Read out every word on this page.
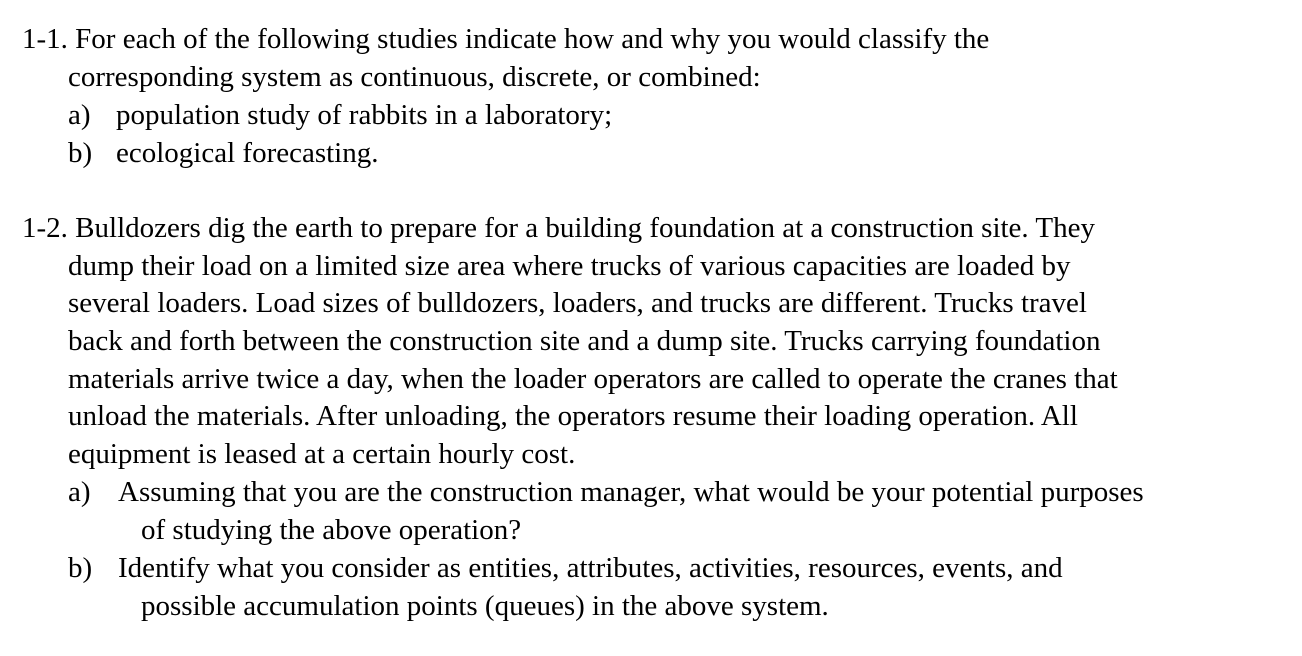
1-1. For each of the following studies indicate how and why you would classify the
corresponding system as continuous, discrete, or combined:
a) population study of rabbits in a laboratory;
b) ecological forecasting.
1-2. Bulldozers dig the earth to prepare for a building foundation at a construction site. They
dump their load on a limited size area where trucks of various capacities are loaded by
several loaders. Load sizes of bulldozers, loaders, and trucks are different. Trucks travel
back and forth between the construction site and a dump site. Trucks carrying foundation
materials arrive twice a day, when the loader operators are called to operate the cranes that
unload the materials. After unloading, the operators resume their loading operation. All
equipment is leased at a certain hourly cost.
a) Assuming that you are the construction manager, what would be your potential purposes
of studying the above operation?
b) Identify what you consider as entities, attributes, activities, resources, events, and
possible accumulation points (queues) in the above system.
